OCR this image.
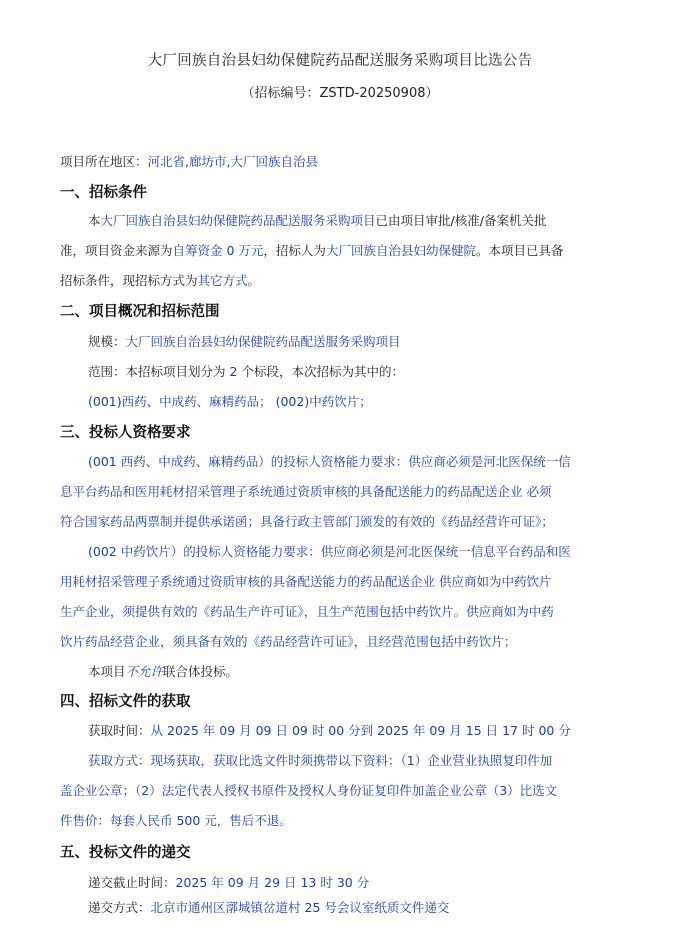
大厂回族自治县妇幼保健院药品配送服务采购项目比选公告
（招标编号：ZSTD-20250908）
项目所在地区：河北省,廊坊市,大厂回族自治县
一、招标条件
本大厂回族自治县妇幼保健院药品配送服务采购项目已由项目审批/核准/备案机关批
准，项目资金来源为自筹资金 0 万元，招标人为大厂回族自治县妇幼保健院。本项目已具备
招标条件，现招标方式为其它方式。
二、项目概况和招标范围
规模：大厂回族自治县妇幼保健院药品配送服务采购项目
范围：本招标项目划分为 2 个标段，本次招标为其中的：
(001)西药、中成药、麻精药品； (002)中药饮片；
三、投标人资格要求
(001 西药、中成药、麻精药品）的投标人资格能力要求：供应商必须是河北医保统一信
息平台药品和医用耗材招采管理子系统通过资质审核的具备配送能力的药品配送企业 必须
符合国家药品两票制并提供承诺函；具备行政主管部门颁发的有效的《药品经营许可证》；
(002 中药饮片）的投标人资格能力要求：供应商必须是河北医保统一信息平台药品和医
用耗材招采管理子系统通过资质审核的具备配送能力的药品配送企业 供应商如为中药饮片
生产企业，须提供有效的《药品生产许可证》，且生产范围包括中药饮片。供应商如为中药
饮片药品经营企业，须具备有效的《药品经营许可证》，且经营范围包括中药饮片；
本项目不允许联合体投标。
四、招标文件的获取
获取时间：从 2025 年 09 月 09 日 09 时 00 分到 2025 年 09 月 15 日 17 时 00 分
获取方式：现场获取，获取比选文件时须携带以下资料：（1）企业营业执照复印件加
盖企业公章；（2）法定代表人授权书原件及授权人身份证复印件加盖企业公章（3）比选文
件售价：每套人民币 500 元，售后不退。
五、投标文件的递交
递交截止时间：2025 年 09 月 29 日 13 时 30 分
递交方式：北京市通州区漷城镇岔道村 25 号会议室纸质文件递交
